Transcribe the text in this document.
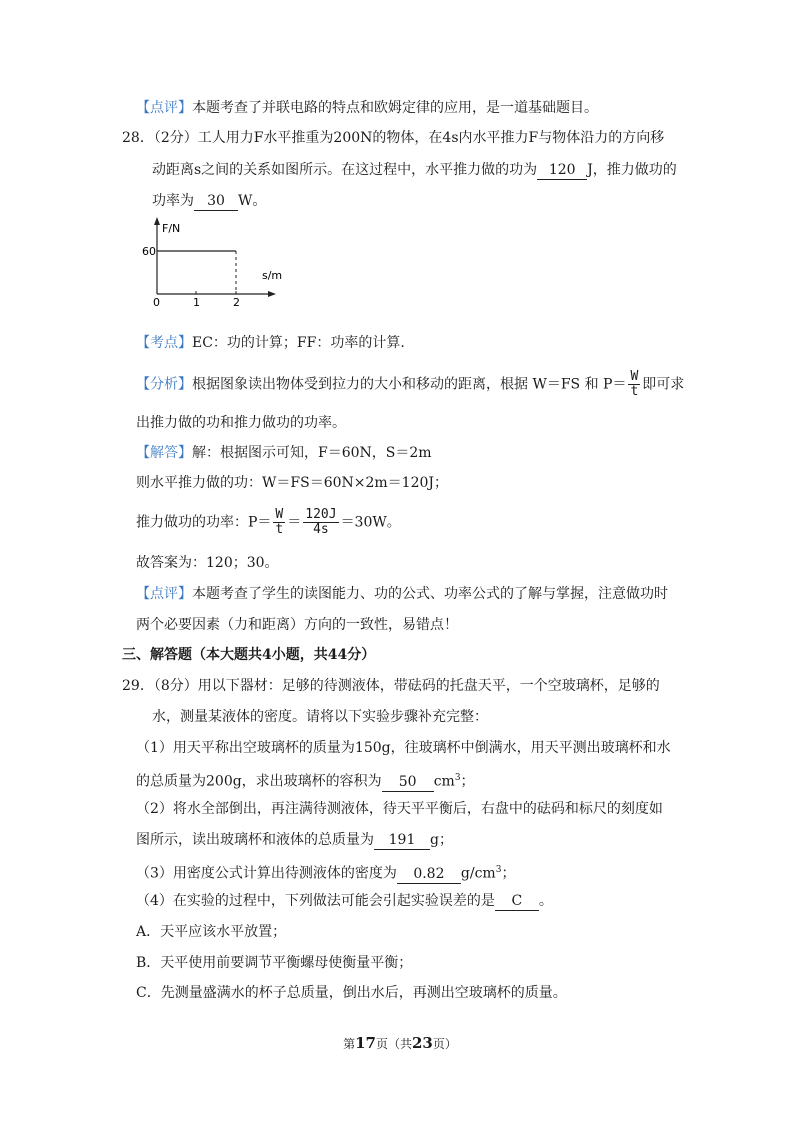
【点评】本题考查了并联电路的特点和欧姆定律的应用，是一道基础题目。
28．（2分）工人用力F水平推重为200N的物体，在4s内水平推力F与物体沿力的方向移
动距离s之间的关系如图所示。在这过程中，水平推力做的功为 120 J，推力做功的
功率为 30 W。
F/N
s/m
60
0	1	2
【考点】EC：功的计算；FF：功率的计算.
【分析】根据图象读出物体受到拉力的大小和移动的距离，根据 W＝FS 和 $P= \frac{W}{t}$ 即可求
出推力做的功和推力做功的功率。
【解答】解：根据图示可知，F＝60N，S＝2m
则水平推力做的功：W＝FS＝60N×2m＝120J；
推力做功的功率：$P= \frac{W}{t} = \frac{120J}{4s} =30W$。
故答案为：120；30。
【点评】本题考查了学生的读图能力、功的公式、功率公式的了解与掌握，注意做功时
两个必要因素（力和距离）方向的一致性，易错点！
三、解答题（本大题共4小题，共44分）
29．（8分）用以下器材：足够的待测液体，带砝码的托盘天平，一个空玻璃杯，足够的
水，测量某液体的密度。请将以下实验步骤补充完整：
（1）用天平称出空玻璃杯的质量为150g，往玻璃杯中倒满水，用天平测出玻璃杯和水
的总质量为200g，求出玻璃杯的容积为 50 $cm^3$；
（2）将水全部倒出，再注满待测液体，待天平平衡后，右盘中的砝码和标尺的刻度如
图所示，读出玻璃杯和液体的总质量为 191 g；
（3）用密度公式计算出待测液体的密度为 0.82 $g/cm^3$；
（4）在实验的过程中，下列做法可能会引起实验误差的是 C 。
A．天平应该水平放置；
B．天平使用前要调节平衡螺母使衡量平衡；
C．先测量盛满水的杯子总质量，倒出水后，再测出空玻璃杯的质量。
第17页（共23页）
